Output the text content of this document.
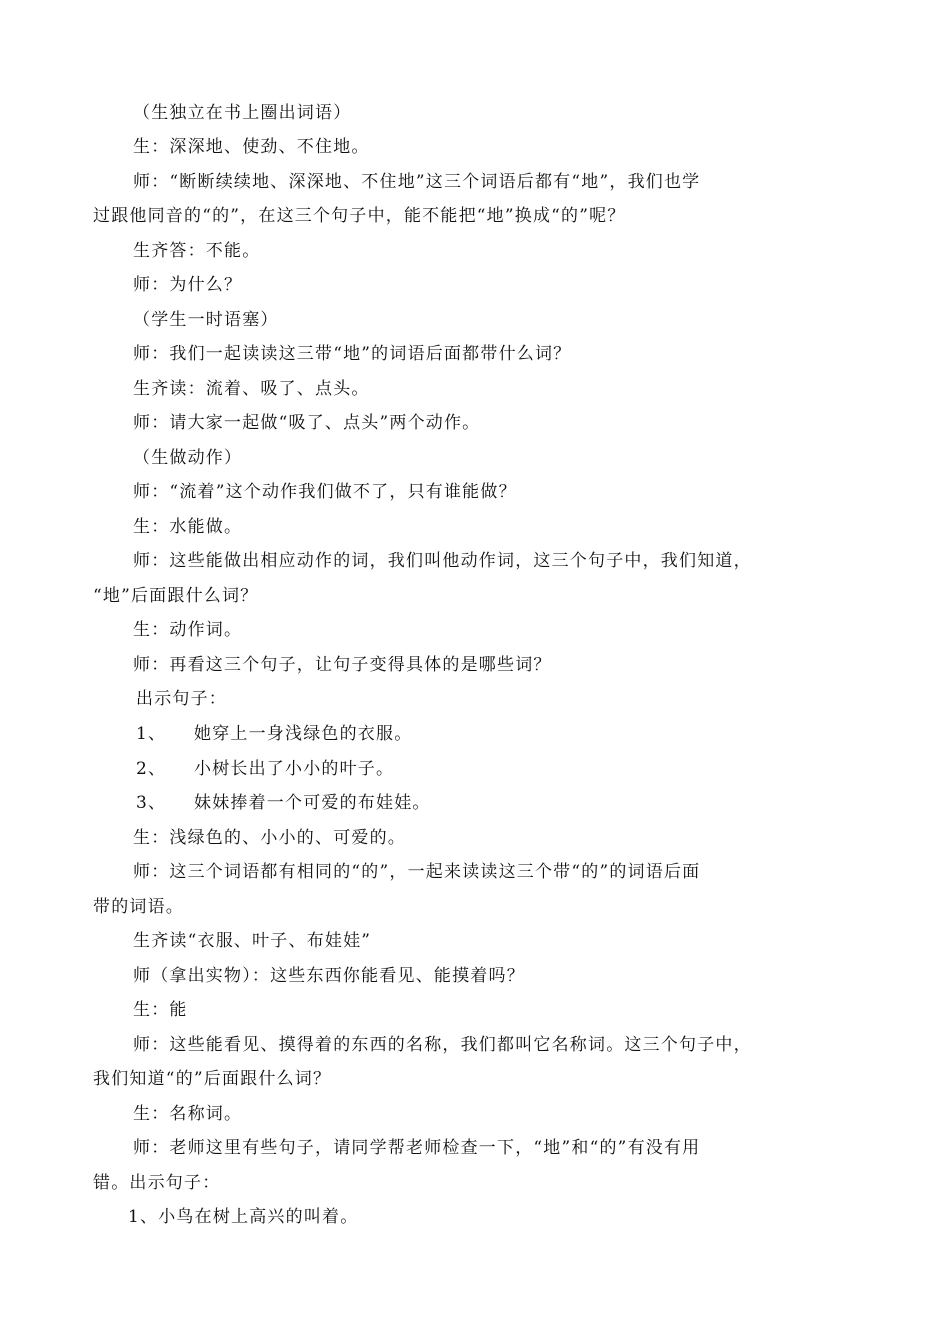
（生独立在书上圈出词语）
生：深深地、使劲、不住地。
师：“断断续续地、深深地、不住地”这三个词语后都有“地”，我们也学
过跟他同音的“的”，在这三个句子中，能不能把“地”换成“的”呢？
生齐答：不能。
师：为什么？
（学生一时语塞）
师：我们一起读读这三带“地”的词语后面都带什么词？
生齐读：流着、吸了、点头。
师：请大家一起做“吸了、点头”两个动作。
（生做动作）
师：“流着”这个动作我们做不了，只有谁能做？
生：水能做。
师：这些能做出相应动作的词，我们叫他动作词，这三个句子中，我们知道，
“地”后面跟什么词？
生：动作词。
师：再看这三个句子，让句子变得具体的是哪些词？
出示句子：
1、 她穿上一身浅绿色的衣服。
2、 小树长出了小小的叶子。
3、 妹妹捧着一个可爱的布娃娃。
生：浅绿色的、小小的、可爱的。
师：这三个词语都有相同的“的”，一起来读读这三个带“的”的词语后面
带的词语。
生齐读“衣服、叶子、布娃娃”
师（拿出实物）：这些东西你能看见、能摸着吗？
生：能
师：这些能看见、摸得着的东西的名称，我们都叫它名称词。这三个句子中，
我们知道“的”后面跟什么词？
生：名称词。
师：老师这里有些句子，请同学帮老师检查一下，“地”和“的”有没有用
错。出示句子：
1、小鸟在树上高兴的叫着。
